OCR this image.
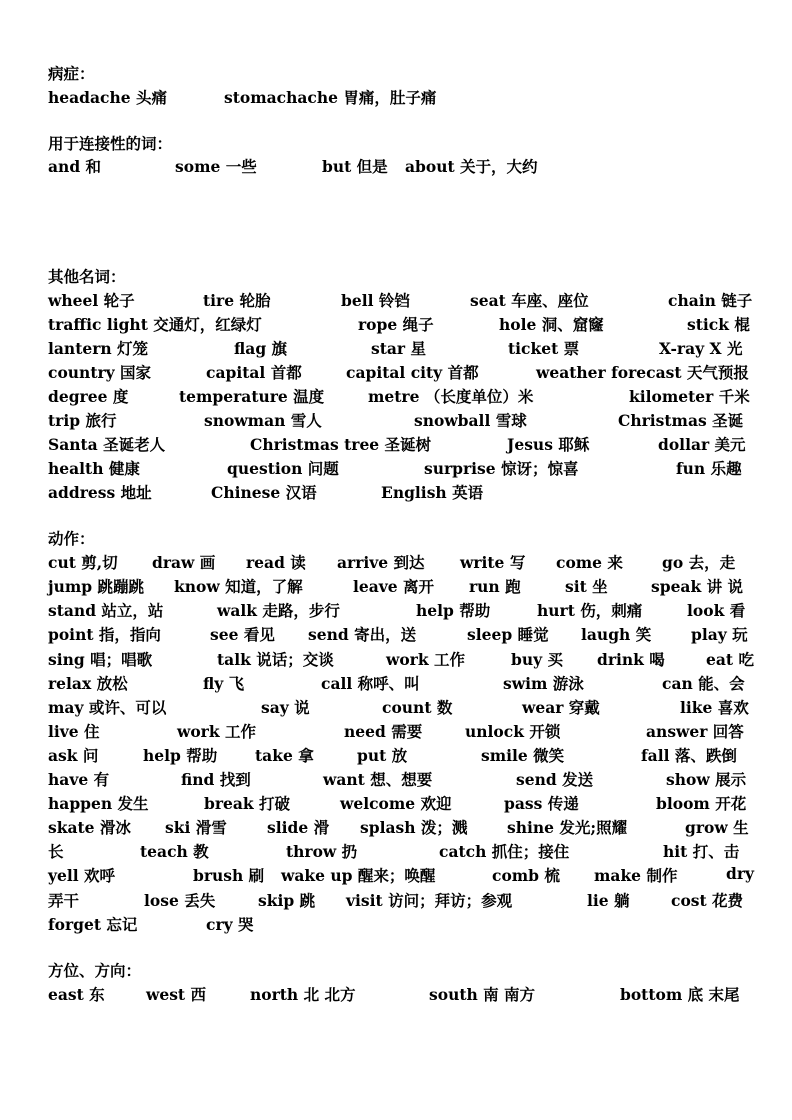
病症：
headache 头痛	stomachache 胃痛，肚子痛
用于连接性的词：
and 和	some 一些	but 但是 about 关于，大约
其他名词：
wheel 轮子	tire 轮胎	bell 铃铛	seat 车座、座位	chain 链子
traffic light 交通灯，红绿灯	rope 绳子	hole 洞、窟窿	stick 棍
lantern 灯笼	flag 旗	star 星	ticket 票	X-ray X 光
country 国家	capital 首都	capital city 首都	weather forecast 天气预报
degree 度	temperature 温度	metre （长度单位）米	kilometer 千米
trip 旅行	snowman 雪人	snowball 雪球	Christmas 圣诞
Santa 圣诞老人	Christmas tree 圣诞树	Jesus 耶稣	dollar 美元
health 健康	question 问题	surprise 惊讶；惊喜	fun 乐趣
address 地址	Chinese 汉语	English 英语
动作：
cut 剪,切 draw 画 read 读 arrive 到达 write 写 come 来	go 去，走
jump 跳蹦跳 know 知道，了解	leave 离开 run 跑	sit 坐	speak 讲 说
stand 站立，站	walk 走路，步行	help 帮助	hurt 伤，刺痛	look 看
point 指，指向	see 看见 send 寄出，送	sleep 睡觉 laugh 笑	play 玩
sing 唱；唱歌	talk 说话；交谈	work 工作	buy 买 drink 喝	eat 吃
relax 放松	fly 飞	call 称呼、叫	swim 游泳	can 能、会
may 或许、可以	say 说	count 数	wear 穿戴	like 喜欢
live 住	work 工作	need 需要	unlock 开锁	answer 回答
ask 问	help 帮助 take 拿	put 放	smile 微笑	fall 落、跌倒
have 有	find 找到	want 想、想要	send 发送	show 展示
happen 发生	break 打破	welcome 欢迎	pass 传递	bloom 开花
skate 滑冰 ski 滑雪	slide 滑 splash 泼；溅	shine 发光;照耀	grow 生
长	teach 教	throw 扔	catch 抓住；接住	hit 打、击
yell 欢呼	brush 刷 wake up 醒来；唤醒	comb 梳 make 制作	dry
弄干	lose 丢失	skip 跳 visit 访问；拜访；参观	lie 躺	cost 花费
forget 忘记	cry 哭
方位、方向：
east 东	west 西	north 北 北方	south 南 南方	bottom 底 末尾
